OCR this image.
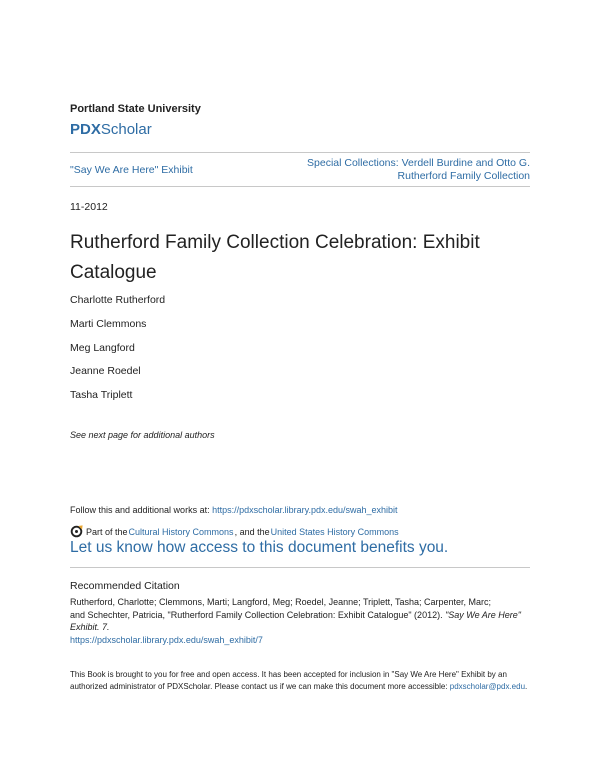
Portland State University
PDXScholar
"Say We Are Here" Exhibit
Special Collections: Verdell Burdine and Otto G.
Rutherford Family Collection
11-2012
Rutherford Family Collection Celebration: Exhibit Catalogue
Charlotte Rutherford
Marti Clemmons
Meg Langford
Jeanne Roedel
Tasha Triplett
See next page for additional authors
Follow this and additional works at: https://pdxscholar.library.pdx.edu/swah_exhibit
Part of the Cultural History Commons , and the United States History Commons
Let us know how access to this document benefits you.
Recommended Citation
Rutherford, Charlotte; Clemmons, Marti; Langford, Meg; Roedel, Jeanne; Triplett, Tasha; Carpenter, Marc;
and Schechter, Patricia, "Rutherford Family Collection Celebration: Exhibit Catalogue" (2012). "Say We Are Here" Exhibit. 7.
https://pdxscholar.library.pdx.edu/swah_exhibit/7
This Book is brought to you for free and open access. It has been accepted for inclusion in "Say We Are Here" Exhibit by an authorized administrator of PDXScholar. Please contact us if we can make this document more accessible: pdxscholar@pdx.edu.
